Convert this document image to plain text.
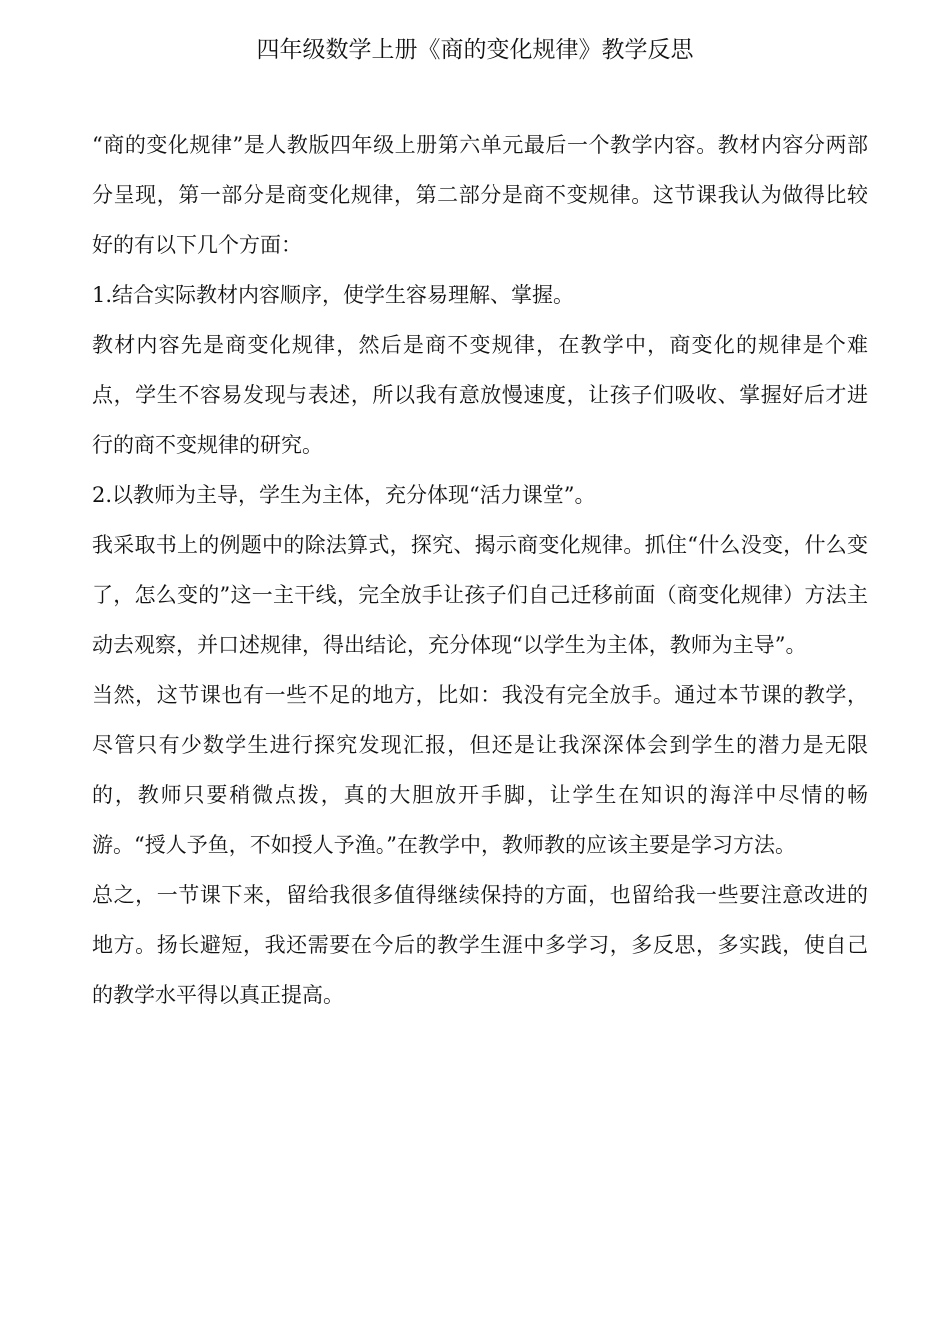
四年级数学上册《商的变化规律》教学反思

“商的变化规律”是人教版四年级上册第六单元最后一个教学内容。教材内容分两部分呈现，第一部分是商变化规律，第二部分是商不变规律。这节课我认为做得比较好的有以下几个方面：

1.结合实际教材内容顺序，使学生容易理解、掌握。

教材内容先是商变化规律，然后是商不变规律，在教学中，商变化的规律是个难点，学生不容易发现与表述，所以我有意放慢速度，让孩子们吸收、掌握好后才进行的商不变规律的研究。

2.以教师为主导，学生为主体，充分体现“活力课堂”。

我采取书上的例题中的除法算式，探究、揭示商变化规律。抓住“什么没变，什么变了，怎么变的”这一主干线，完全放手让孩子们自己迁移前面（商变化规律）方法主动去观察，并口述规律，得出结论，充分体现“以学生为主体，教师为主导”。

当然，这节课也有一些不足的地方，比如：我没有完全放手。通过本节课的教学，尽管只有少数学生进行探究发现汇报，但还是让我深深体会到学生的潜力是无限的，教师只要稍微点拨，真的大胆放开手脚，让学生在知识的海洋中尽情的畅游。“授人予鱼，不如授人予渔。”在教学中，教师教的应该主要是学习方法。

总之，一节课下来，留给我很多值得继续保持的方面，也留给我一些要注意改进的地方。扬长避短，我还需要在今后的教学生涯中多学习，多反思，多实践，使自己的教学水平得以真正提高。
